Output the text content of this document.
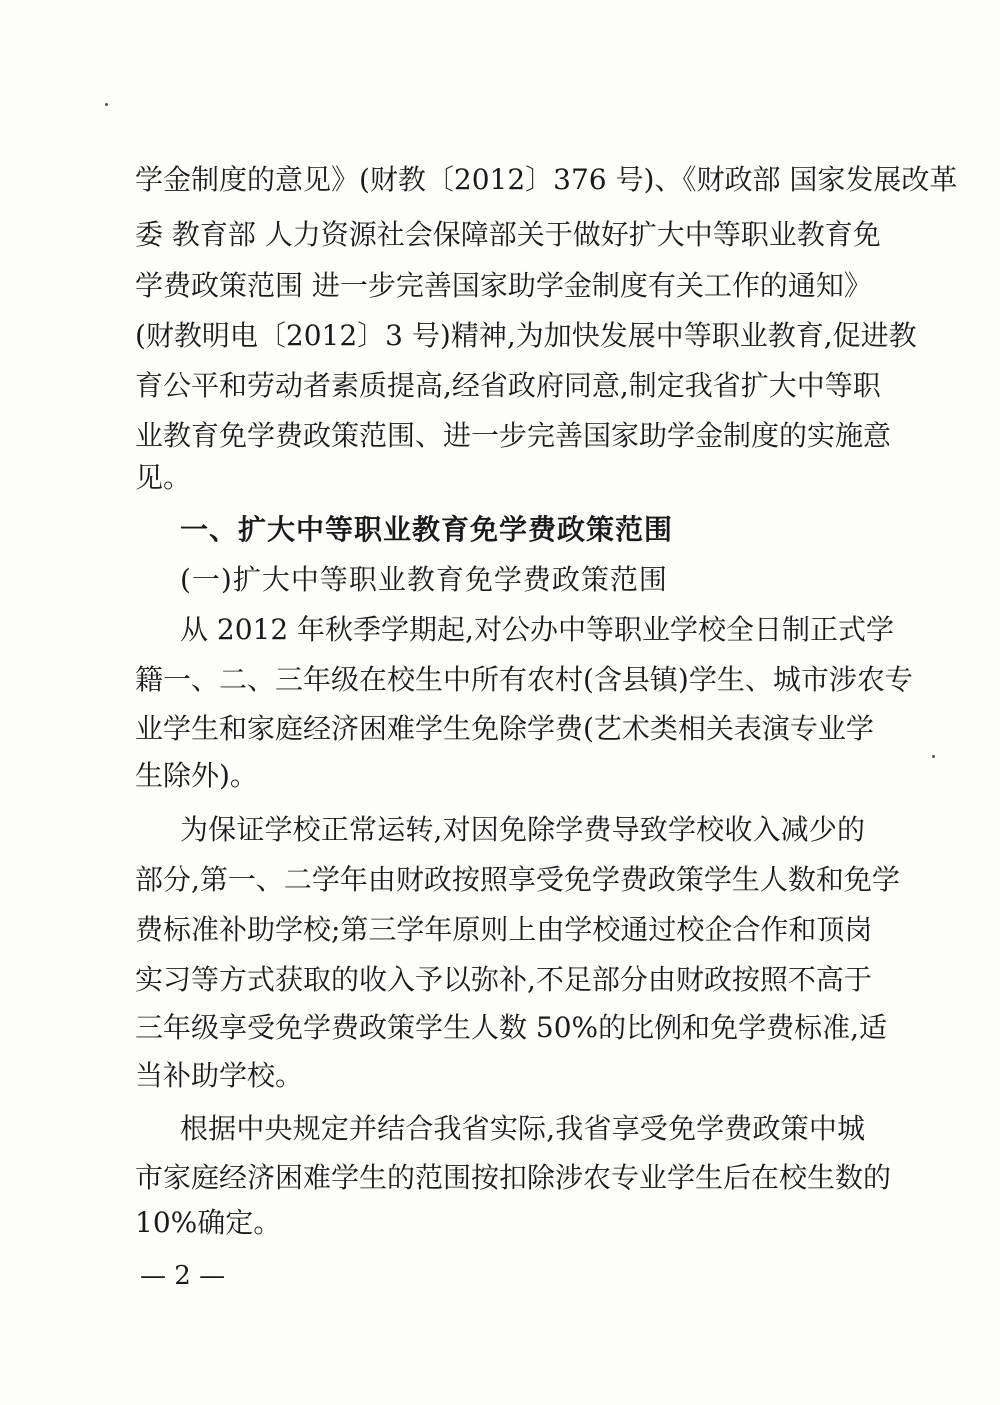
学金制度的意见》(财教〔2012〕376 号)、《财政部 国家发展改革
委 教育部 人力资源社会保障部关于做好扩大中等职业教育免
学费政策范围 进一步完善国家助学金制度有关工作的通知》
(财教明电〔2012〕3 号)精神,为加快发展中等职业教育,促进教
育公平和劳动者素质提高,经省政府同意,制定我省扩大中等职
业教育免学费政策范围、进一步完善国家助学金制度的实施意
见。
一、扩大中等职业教育免学费政策范围
(一)扩大中等职业教育免学费政策范围
从 2012 年秋季学期起,对公办中等职业学校全日制正式学
籍一、二、三年级在校生中所有农村(含县镇)学生、城市涉农专
业学生和家庭经济困难学生免除学费(艺术类相关表演专业学
生除外)。
为保证学校正常运转,对因免除学费导致学校收入减少的
部分,第一、二学年由财政按照享受免学费政策学生人数和免学
费标准补助学校;第三学年原则上由学校通过校企合作和顶岗
实习等方式获取的收入予以弥补,不足部分由财政按照不高于
三年级享受免学费政策学生人数 50%的比例和免学费标准,适
当补助学校。
根据中央规定并结合我省实际,我省享受免学费政策中城
市家庭经济困难学生的范围按扣除涉农专业学生后在校生数的
10%确定。
— 2 —
